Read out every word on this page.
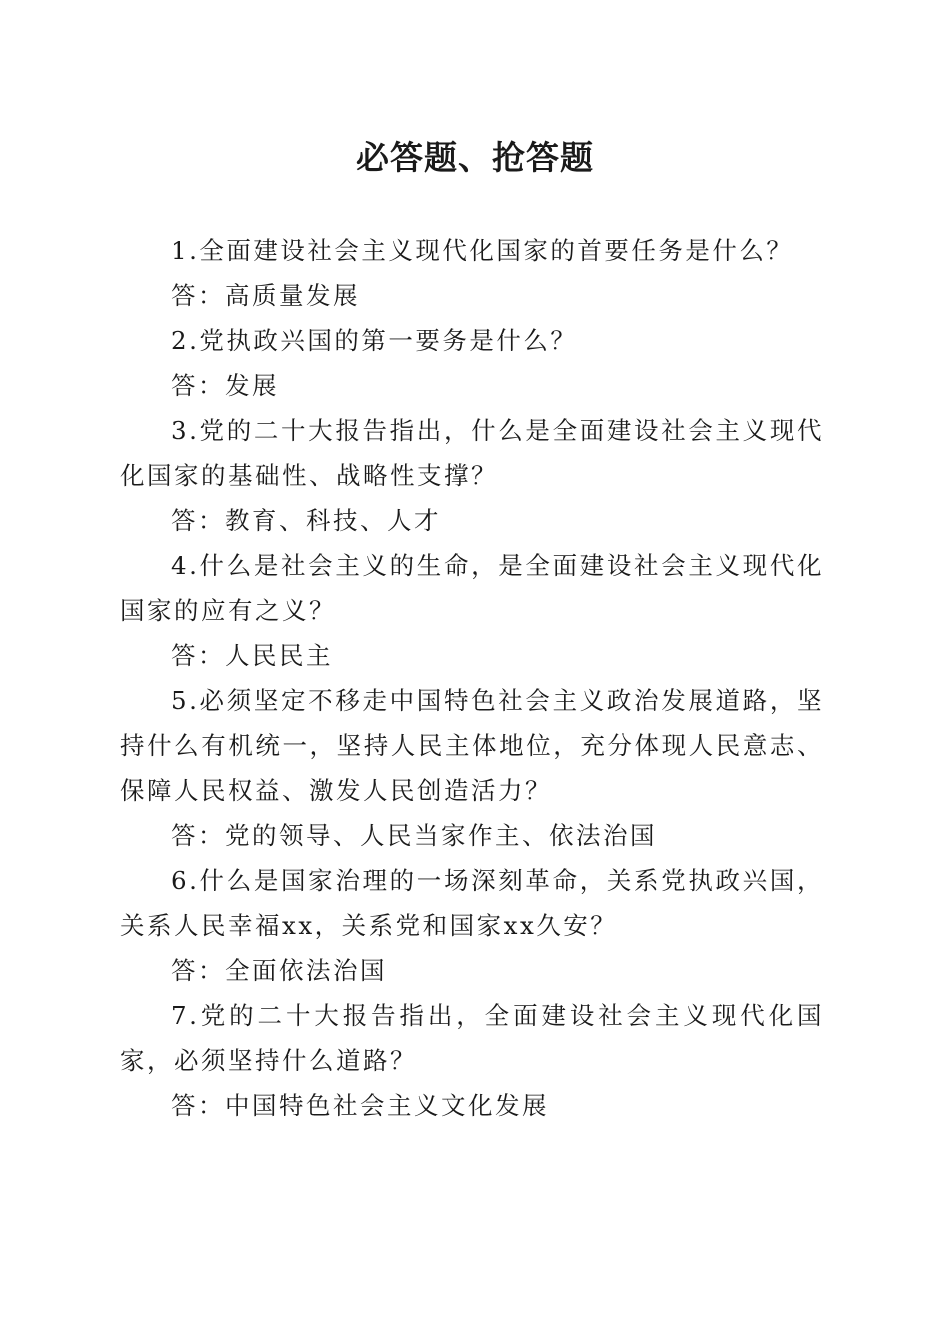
必答题、抢答题

1.全面建设社会主义现代化国家的首要任务是什么？

答：高质量发展

2.党执政兴国的第一要务是什么？

答：发展

3.党的二十大报告指出，什么是全面建设社会主义现代化国家的基础性、战略性支撑？

答：教育、科技、人才

4.什么是社会主义的生命，是全面建设社会主义现代化国家的应有之义？

答：人民民主

5.必须坚定不移走中国特色社会主义政治发展道路，坚持什么有机统一，坚持人民主体地位，充分体现人民意志、保障人民权益、激发人民创造活力？

答：党的领导、人民当家作主、依法治国

6.什么是国家治理的一场深刻革命，关系党执政兴国，关系人民幸福xx，关系党和国家xx久安？

答：全面依法治国

7.党的二十大报告指出，全面建设社会主义现代化国家，必须坚持什么道路？

答：中国特色社会主义文化发展
